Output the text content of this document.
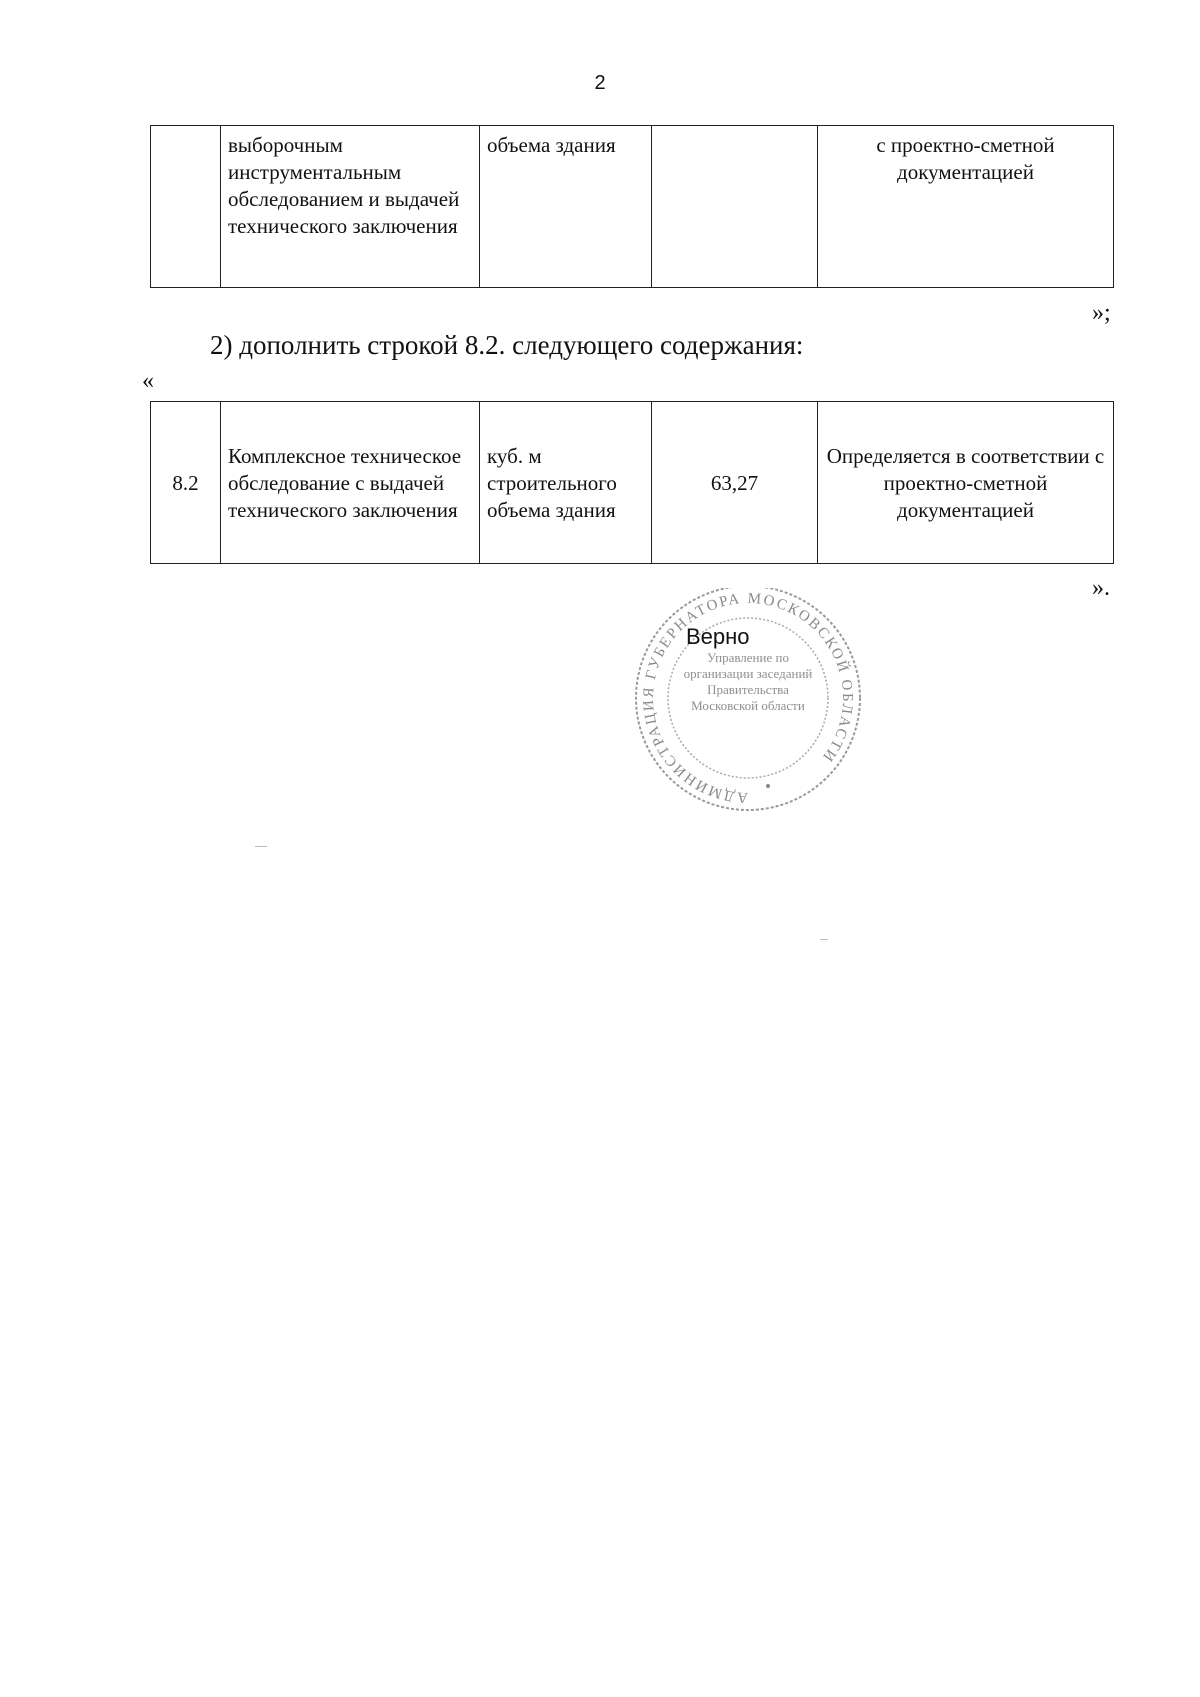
2
	выборочным инструментальным обследованием и выдачей технического заключения	объема здания		с проектно-сметной документацией
»;
2) дополнить строкой 8.2. следующего содержания:
«
8.2	Комплексное техническое обследование с выдачей технического заключения	куб. м строительного объема здания	63,27	Определяется в соответствии с проектно-сметной документацией
».
АДМИНИСТРАЦИЯ ГУБЕРНАТОРА МОСКОВСКОЙ ОБЛАСТИ
Управление по организации заседаний Правительства Московской области
Верно
